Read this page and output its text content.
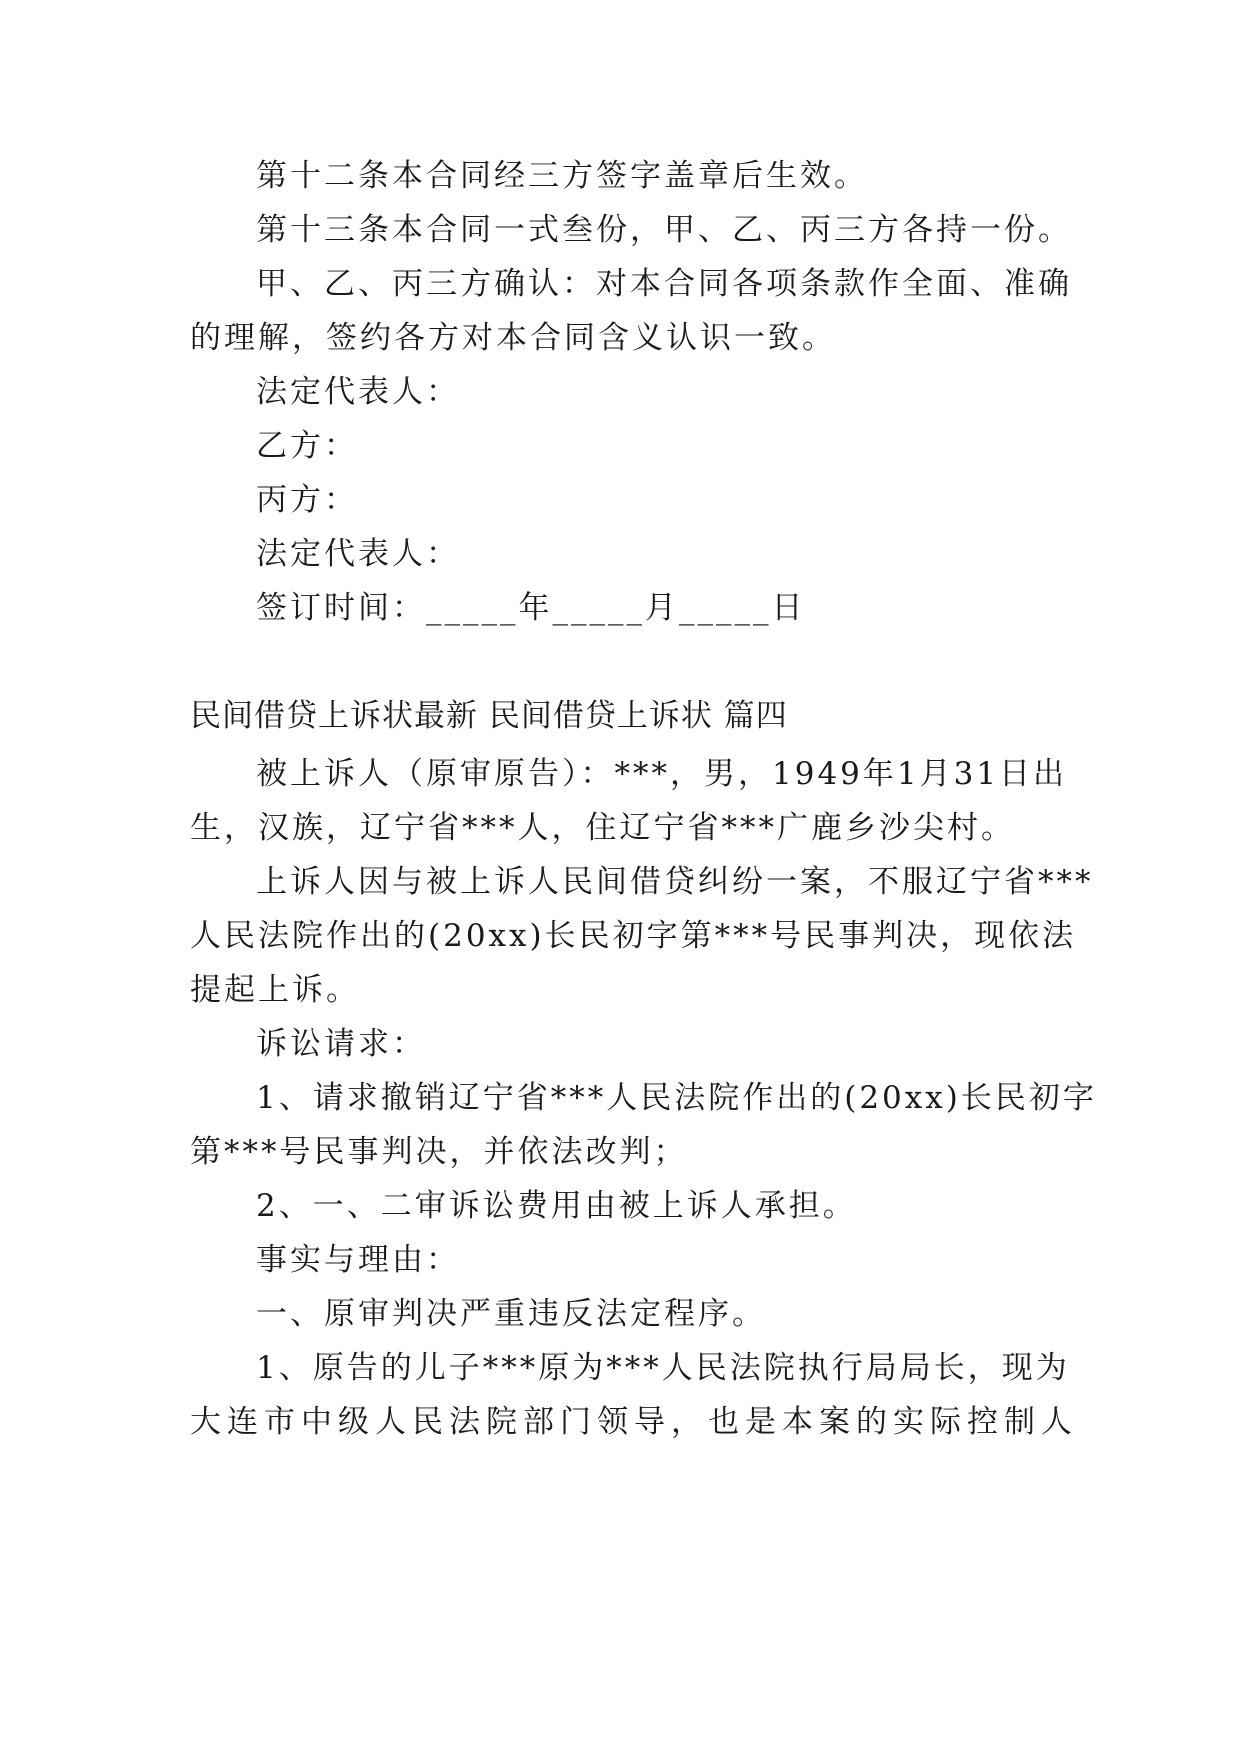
第十二条本合同经三方签字盖章后生效。
第十三条本合同一式叁份，甲、乙、丙三方各持一份。
甲、乙、丙三方确认：对本合同各项条款作全面、准确
的理解，签约各方对本合同含义认识一致。
法定代表人：
乙方：
丙方：
法定代表人：
签订时间：_____年_____月_____日
民间借贷上诉状最新 民间借贷上诉状 篇四
被上诉人（原审原告）：***，男，1949年1月31日出
生，汉族，辽宁省***人，住辽宁省***广鹿乡沙尖村。
上诉人因与被上诉人民间借贷纠纷一案，不服辽宁省***
人民法院作出的(20xx)长民初字第***号民事判决，现依法
提起上诉。
诉讼请求：
1、请求撤销辽宁省***人民法院作出的(20xx)长民初字
第***号民事判决，并依法改判；
2、一、二审诉讼费用由被上诉人承担。
事实与理由：
一、原审判决严重违反法定程序。
1、原告的儿子***原为***人民法院执行局局长，现为
大连市中级人民法院部门领导，也是本案的实际控制人
